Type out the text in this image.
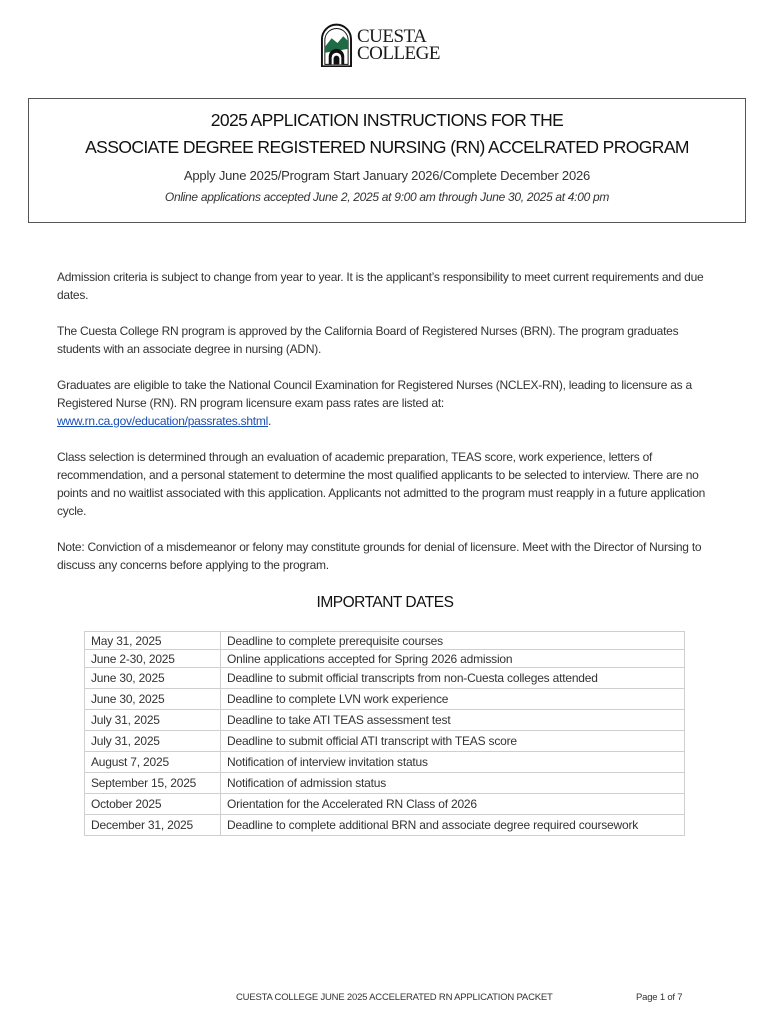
CUESTA
COLLEGE
2025 APPLICATION INSTRUCTIONS FOR THE
ASSOCIATE DEGREE REGISTERED NURSING (RN) ACCELRATED PROGRAM
Apply June 2025/Program Start January 2026/Complete December 2026
Online applications accepted June 2, 2025 at 9:00 am through June 30, 2025 at 4:00 pm

Admission criteria is subject to change from year to year. It is the applicant’s responsibility to meet current requirements and due dates.

The Cuesta College RN program is approved by the California Board of Registered Nurses (BRN). The program graduates students with an associate degree in nursing (ADN).

Graduates are eligible to take the National Council Examination for Registered Nurses (NCLEX-RN), leading to licensure as a Registered Nurse (RN). RN program licensure exam pass rates are listed at:
www.rn.ca.gov/education/passrates.shtml.

Class selection is determined through an evaluation of academic preparation, TEAS score, work experience, letters of recommendation, and a personal statement to determine the most qualified applicants to be selected to interview. There are no points and no waitlist associated with this application. Applicants not admitted to the program must reapply in a future application cycle.

Note: Conviction of a misdemeanor or felony may constitute grounds for denial of licensure. Meet with the Director of Nursing to discuss any concerns before applying to the program.

IMPORTANT DATES
May 31, 2025	Deadline to complete prerequisite courses
June 2-30, 2025	Online applications accepted for Spring 2026 admission
June 30, 2025	Deadline to submit official transcripts from non-Cuesta colleges attended
June 30, 2025	Deadline to complete LVN work experience
July 31, 2025	Deadline to take ATI TEAS assessment test
July 31, 2025	Deadline to submit official ATI transcript with TEAS score
August 7, 2025	Notification of interview invitation status
September 15, 2025	Notification of admission status
October 2025	Orientation for the Accelerated RN Class of 2026
December 31, 2025	Deadline to complete additional BRN and associate degree required coursework
CUESTA COLLEGE JUNE 2025 ACCELERATED RN APPLICATION PACKET	Page 1 of 7
